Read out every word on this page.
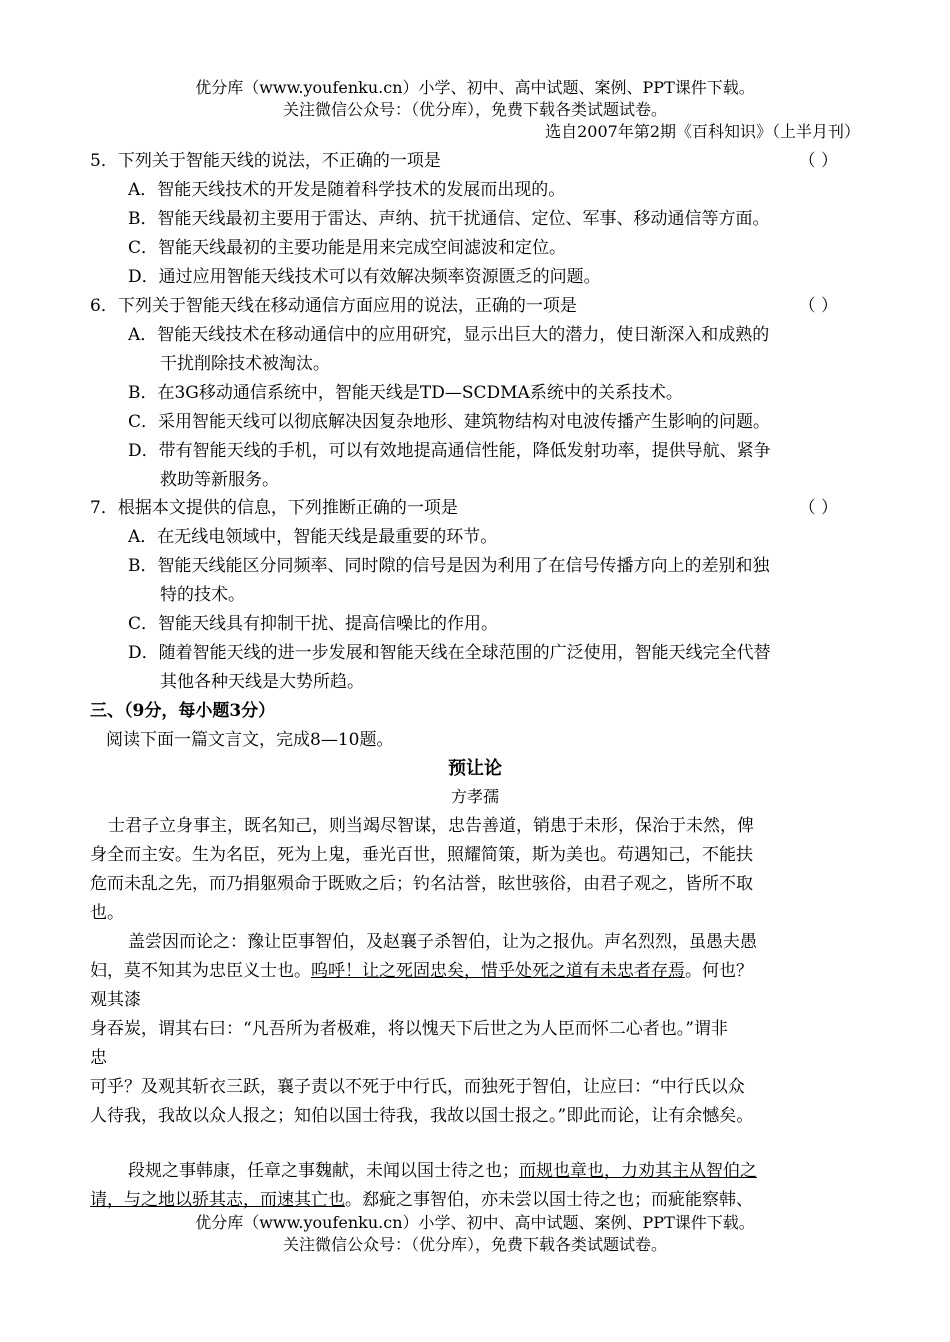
优分库（www.youfenku.cn）小学、初中、高中试题、案例、PPT课件下载。
关注微信公众号：（优分库），免费下载各类试题试卷。
选自2007年第2期《百科知识》（上半月刊）
5．下列关于智能天线的说法，不正确的一项是	（ ）
A．智能天线技术的开发是随着科学技术的发展而出现的。
B．智能天线最初主要用于雷达、声纳、抗干扰通信、定位、军事、移动通信等方面。
C．智能天线最初的主要功能是用来完成空间滤波和定位。
D．通过应用智能天线技术可以有效解决频率资源匮乏的问题。
6．下列关于智能天线在移动通信方面应用的说法，正确的一项是	（ ）
A．智能天线技术在移动通信中的应用研究，显示出巨大的潜力，使日渐深入和成熟的
干扰削除技术被淘汰。
B．在3G移动通信系统中，智能天线是TD—SCDMA系统中的关系技术。
C．采用智能天线可以彻底解决因复杂地形、建筑物结构对电波传播产生影响的问题。
D．带有智能天线的手机，可以有效地提高通信性能，降低发射功率，提供导航、紧争
救助等新服务。
7．根据本文提供的信息，下列推断正确的一项是	（ ）
A．在无线电领域中，智能天线是最重要的环节。
B．智能天线能区分同频率、同时隙的信号是因为利用了在信号传播方向上的差别和独
特的技术。
C．智能天线具有抑制干扰、提高信噪比的作用。
D．随着智能天线的进一步发展和智能天线在全球范围的广泛使用，智能天线完全代替
其他各种天线是大势所趋。
三、（9分，每小题3分）
阅读下面一篇文言文，完成8—10题。
预让论
方孝孺
士君子立身事主，既名知己，则当竭尽智谋，忠告善道，销患于未形，保治于未然，俾
身全而主安。生为名臣，死为上鬼，垂光百世，照耀简策，斯为美也。苟遇知己，不能扶
危而未乱之先，而乃捐躯殒命于既败之后；钓名沽誉，眩世骇俗，由君子观之，皆所不取
也。
盖尝因而论之：豫让臣事智伯，及赵襄子杀智伯，让为之报仇。声名烈烈，虽愚夫愚
妇，莫不知其为忠臣义士也。呜呼！让之死固忠矣，惜乎处死之道有未忠者存焉。何也？
观其漆
身吞炭，谓其右曰：“凡吾所为者极难，将以愧天下后世之为人臣而怀二心者也。”谓非
忠
可乎？及观其斩衣三跃，襄子责以不死于中行氏，而独死于智伯，让应曰：“中行氏以众
人待我，我故以众人报之；知伯以国士待我，我故以国士报之。”即此而论，让有余憾矣。
段规之事韩康，任章之事魏献，未闻以国士待之也；而规也章也，力劝其主从智伯之
请，与之地以骄其志，而速其亡也。郄疵之事智伯，亦未尝以国士待之也；而疵能察韩、
优分库（www.youfenku.cn）小学、初中、高中试题、案例、PPT课件下载。
关注微信公众号：（优分库），免费下载各类试题试卷。
